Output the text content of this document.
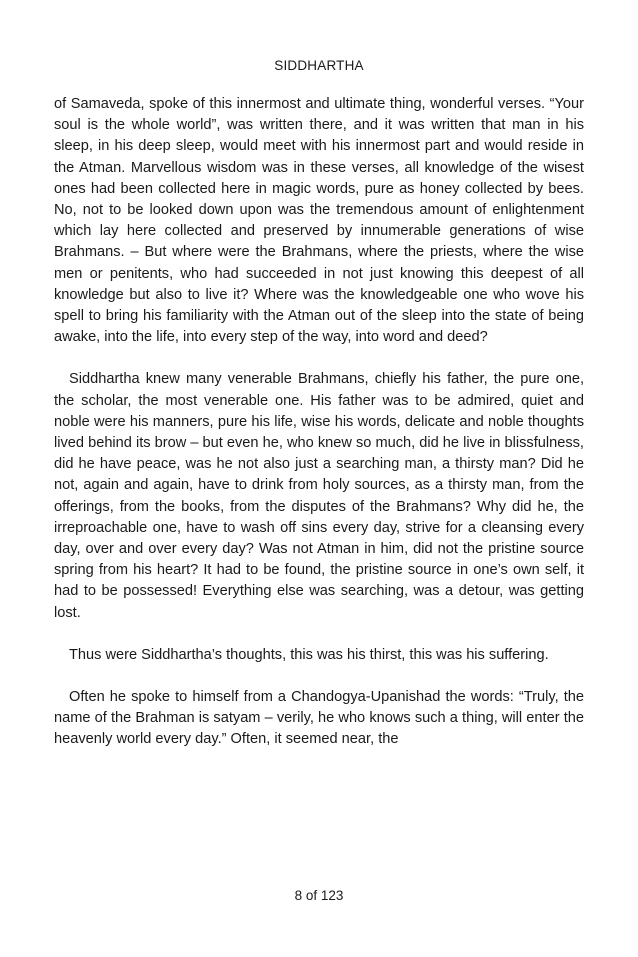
SIDDHARTHA

of Samaveda, spoke of this innermost and ultimate thing, wonderful verses. “Your soul is the whole world”, was written there, and it was written that man in his sleep, in his deep sleep, would meet with his innermost part and would reside in the Atman. Marvellous wisdom was in these verses, all knowledge of the wisest ones had been collected here in magic words, pure as honey collected by bees. No, not to be looked down upon was the tremendous amount of enlightenment which lay here collected and preserved by innumerable generations of wise Brahmans. – But where were the Brahmans, where the priests, where the wise men or penitents, who had succeeded in not just knowing this deepest of all knowledge but also to live it? Where was the knowledgeable one who wove his spell to bring his familiarity with the Atman out of the sleep into the state of being awake, into the life, into every step of the way, into word and deed?

Siddhartha knew many venerable Brahmans, chiefly his father, the pure one, the scholar, the most venerable one. His father was to be admired, quiet and noble were his manners, pure his life, wise his words, delicate and noble thoughts lived behind its brow – but even he, who knew so much, did he live in blissfulness, did he have peace, was he not also just a searching man, a thirsty man? Did he not, again and again, have to drink from holy sources, as a thirsty man, from the offerings, from the books, from the disputes of the Brahmans? Why did he, the irreproachable one, have to wash off sins every day, strive for a cleansing every day, over and over every day? Was not Atman in him, did not the pristine source spring from his heart? It had to be found, the pristine source in one’s own self, it had to be possessed! Everything else was searching, was a detour, was getting lost.

Thus were Siddhartha’s thoughts, this was his thirst, this was his suffering.

Often he spoke to himself from a Chandogya-Upanishad the words: “Truly, the name of the Brahman is satyam – verily, he who knows such a thing, will enter the heavenly world every day.” Often, it seemed near, the

8 of 123
